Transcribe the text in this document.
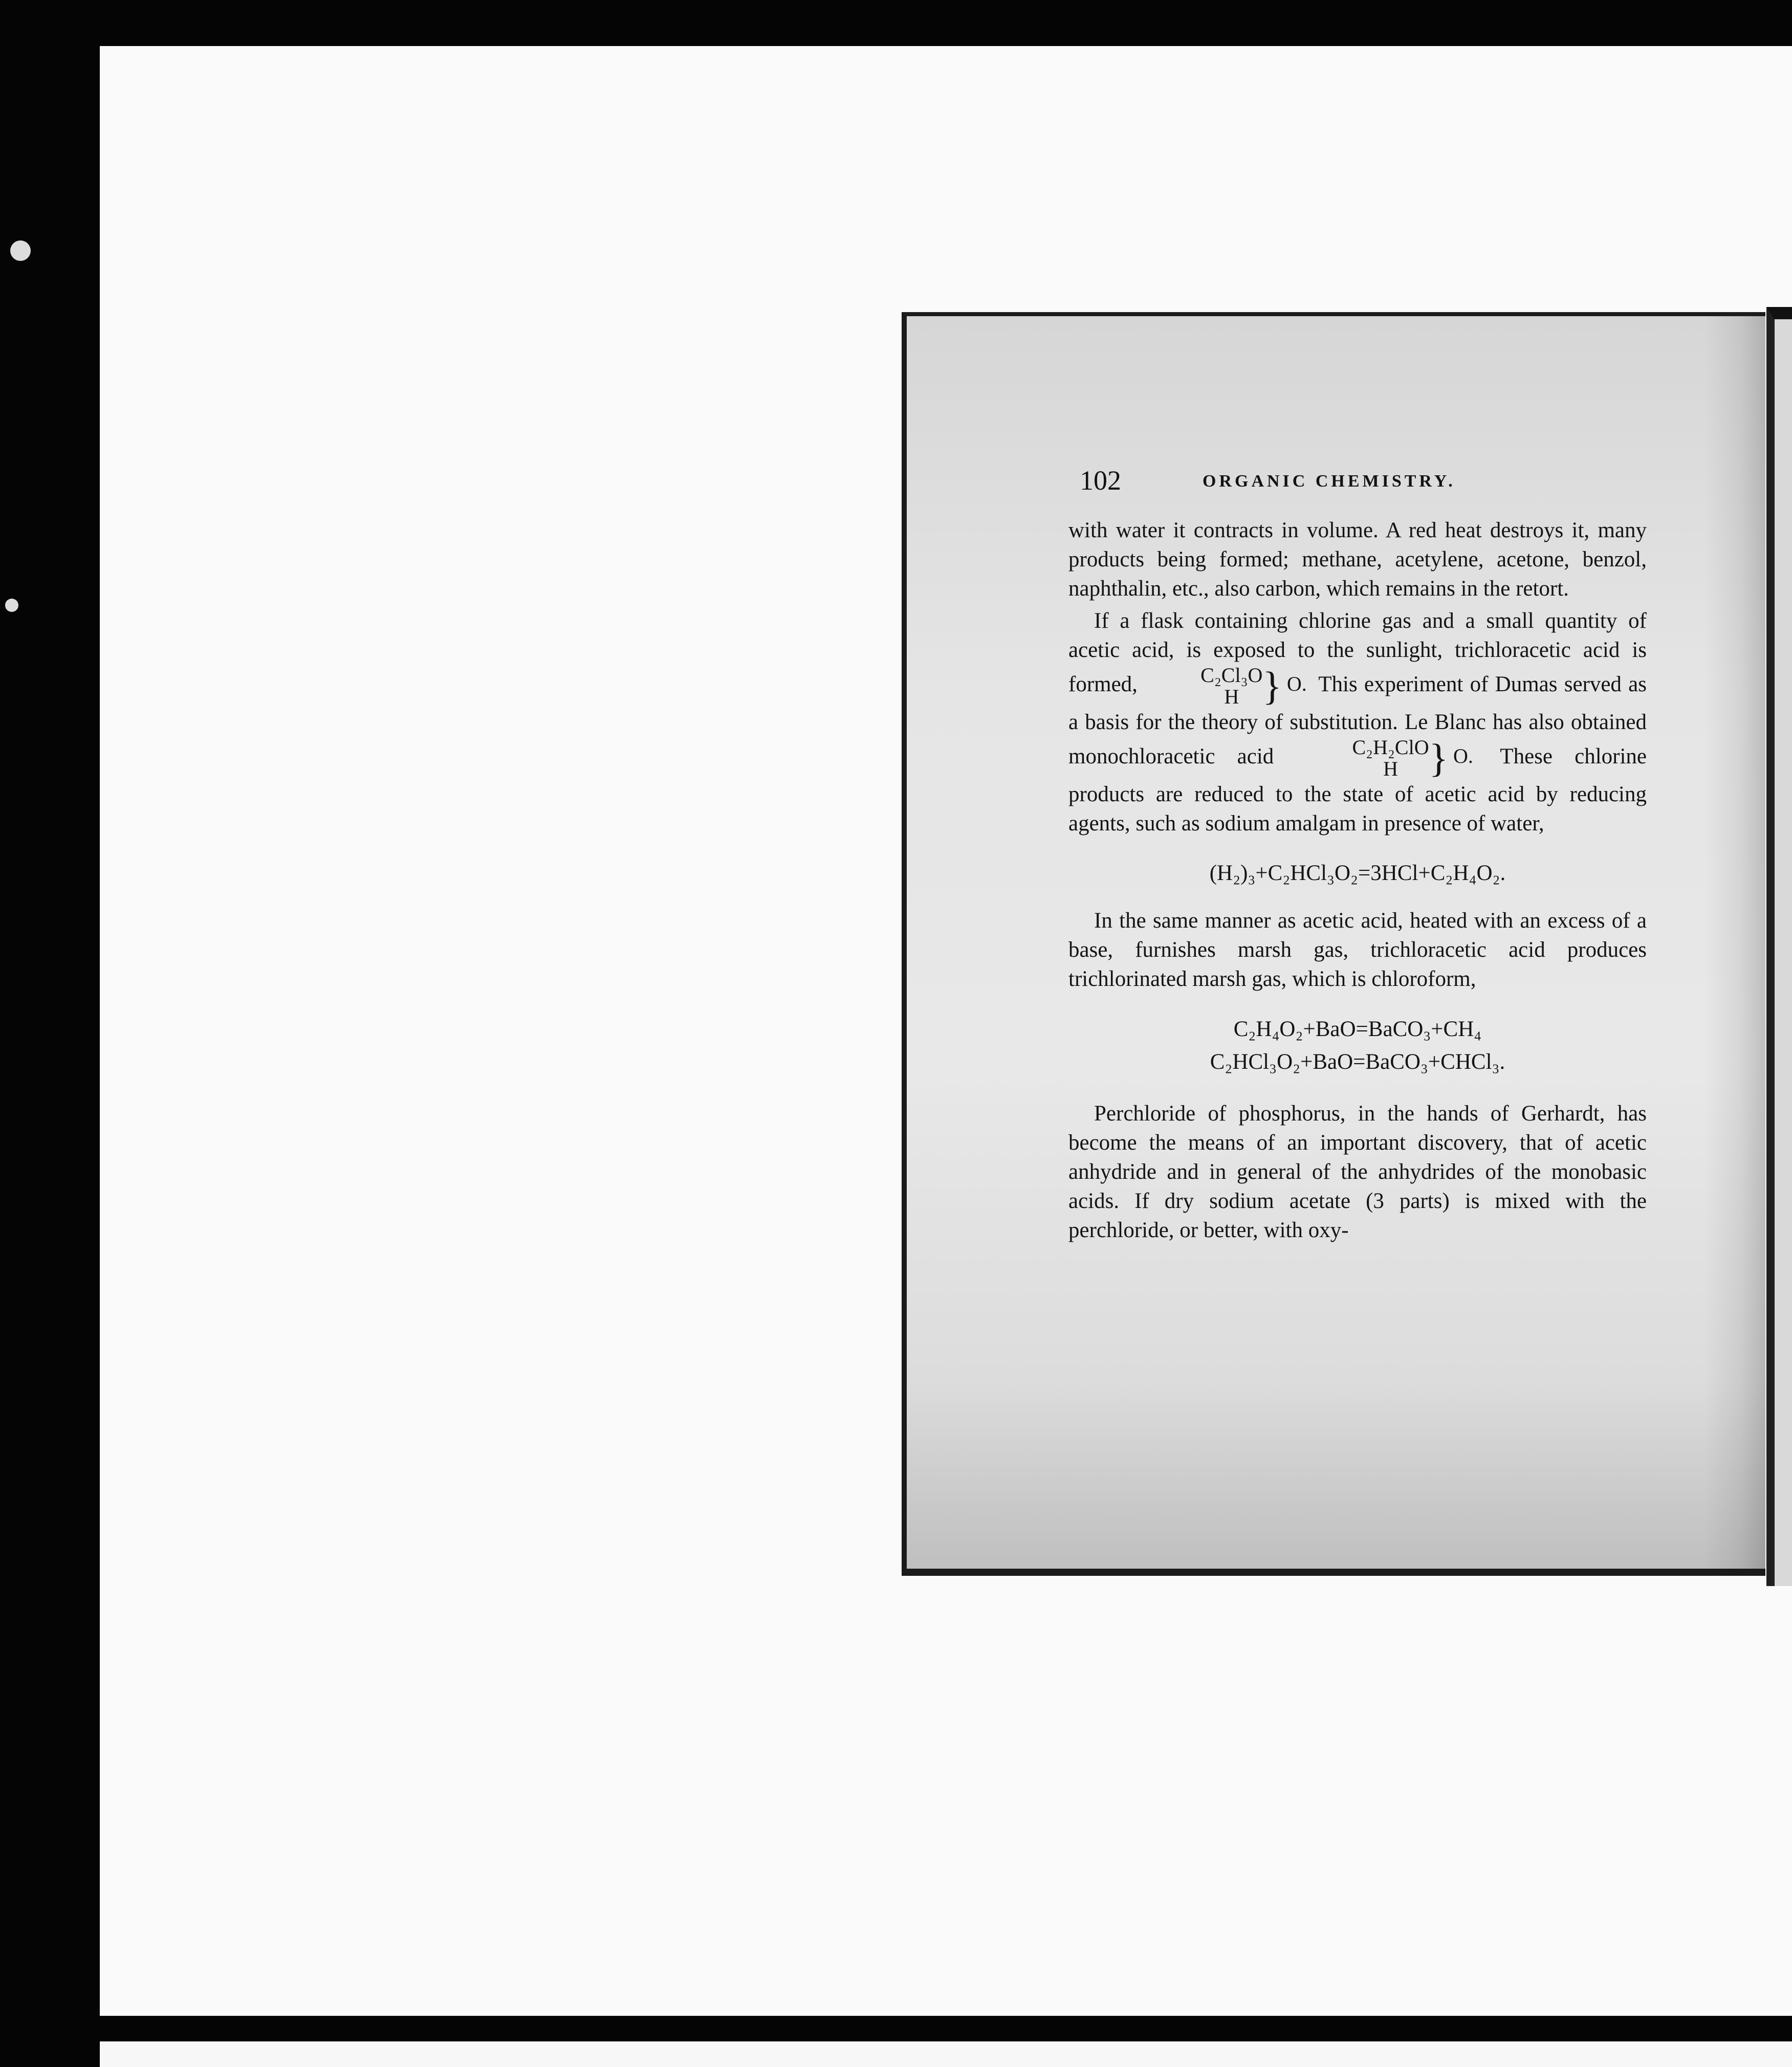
102	ORGANIC CHEMISTRY.

with water it contracts in volume. A red heat destroys it, many products being formed; methane, acetylene, acetone, benzol, naphthalin, etc., also carbon, which remains in the retort.

If a flask containing chlorine gas and a small quantity of acetic acid, is exposed to the sunlight, trichloracetic acid is formed,	C₂Cl₃O
H } O. This experiment of Dumas served as a basis for the theory of substitution. Le Blanc has also obtained monochloracetic acid	C₂H₂ClO
H } O. These chlorine products are reduced to the state of acetic acid by reducing agents, such as sodium amalgam in presence of water,

(H₂)₃+C₂HCl₃O₂=3HCl+C₂H₄O₂.

In the same manner as acetic acid, heated with an excess of a base, furnishes marsh gas, trichloracetic acid produces trichlorinated marsh gas, which is chloroform,

C₂H₄O₂+BaO=BaCO₃+CH₄
C₂HCl₃O₂+BaO=BaCO₃+CHCl₃.

Perchloride of phosphorus, in the hands of Gerhardt, has become the means of an important discovery, that of acetic anhydride and in general of the anhydrides of the monobasic acids. If dry sodium acetate (3 parts) is mixed with the perchloride, or better, with oxy-
